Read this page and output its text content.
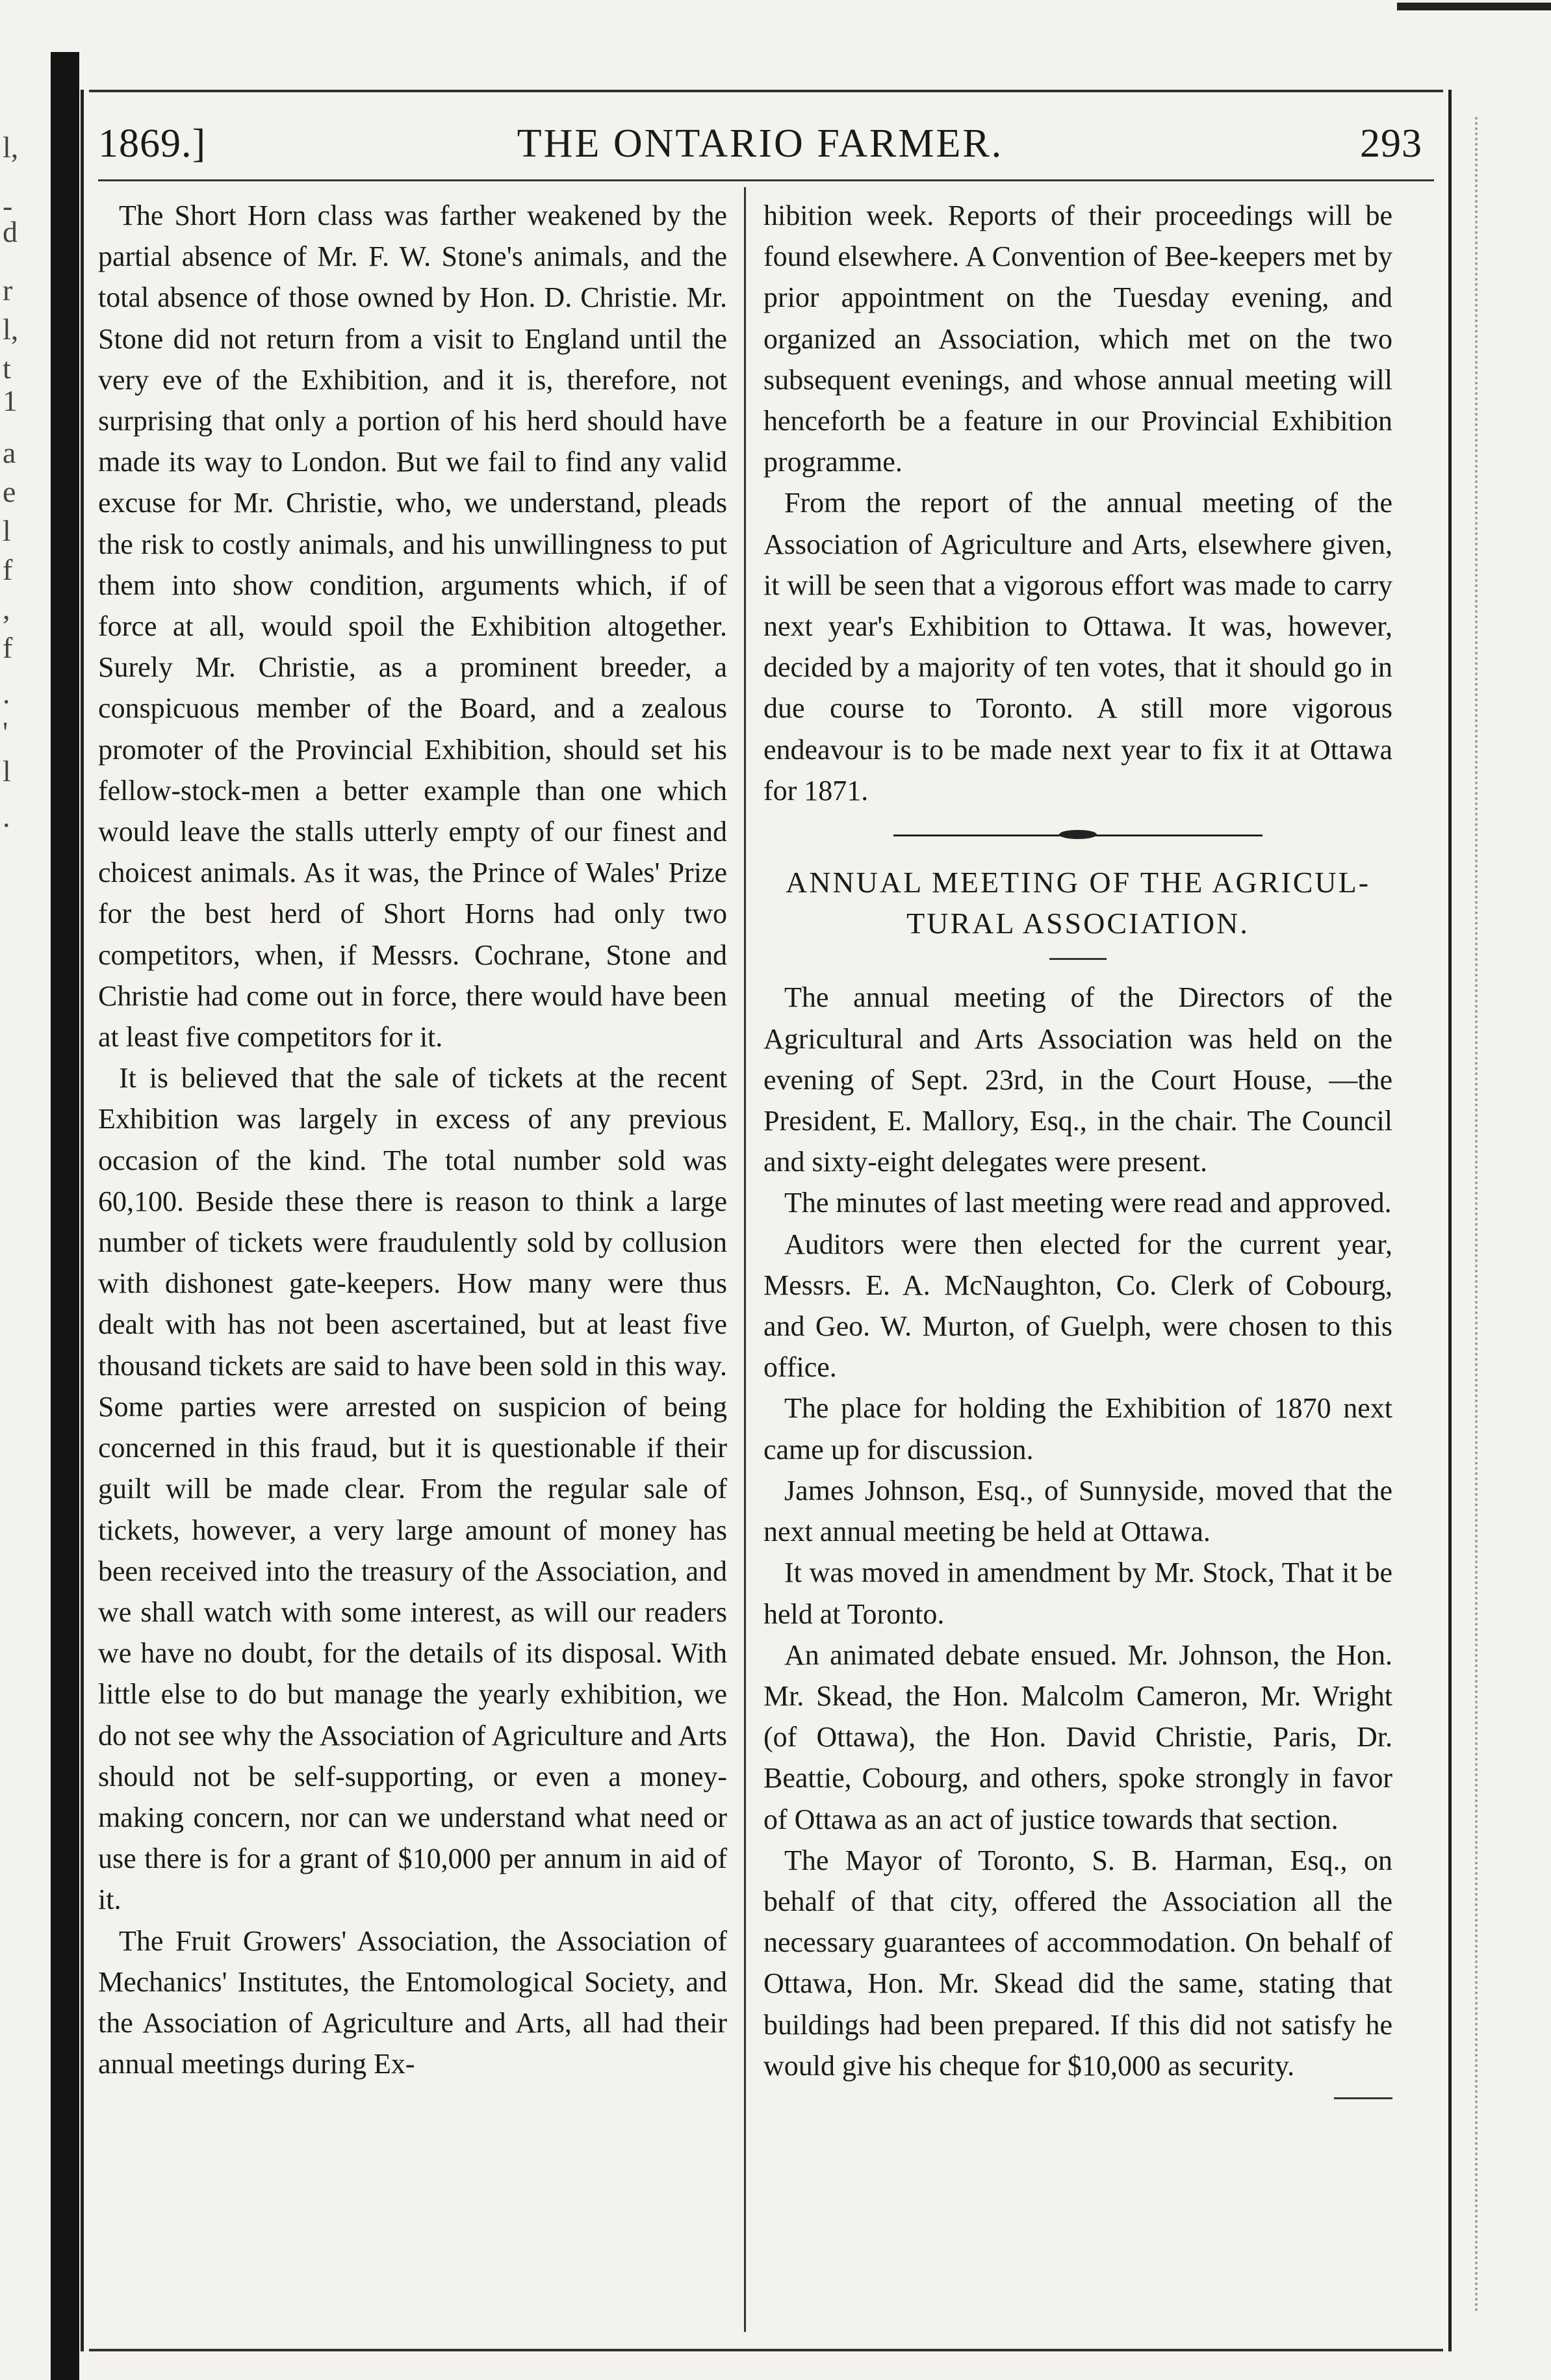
l,
-
d
r
l,
t
1
a
e
l
f
,
f
.
'
l
.
THE ONTARIO FARMER.
1869.]	293

The Short Horn class was farther weakened by the partial absence of Mr. F. W. Stone's animals, and the total absence of those owned by Hon. D. Christie. Mr. Stone did not return from a visit to England until the very eve of the Exhibition, and it is, therefore, not surprising that only a portion of his herd should have made its way to London. But we fail to find any valid excuse for Mr. Christie, who, we understand, pleads the risk to costly animals, and his unwillingness to put them into show condition, arguments which, if of force at all, would spoil the Exhibition altogether. Surely Mr. Christie, as a prominent breeder, a conspicuous member of the Board, and a zealous promoter of the Provincial Exhibition, should set his fellow-stock-men a better example than one which would leave the stalls utterly empty of our finest and choicest animals. As it was, the Prince of Wales' Prize for the best herd of Short Horns had only two competitors, when, if Messrs. Cochrane, Stone and Christie had come out in force, there would have been at least five competitors for it.

It is believed that the sale of tickets at the recent Exhibition was largely in excess of any previous occasion of the kind. The total number sold was 60,100. Beside these there is reason to think a large number of tickets were fraudulently sold by collusion with dishonest gate-keepers. How many were thus dealt with has not been ascertained, but at least five thousand tickets are said to have been sold in this way. Some parties were arrested on suspicion of being concerned in this fraud, but it is questionable if their guilt will be made clear. From the regular sale of tickets, however, a very large amount of money has been received into the treasury of the Association, and we shall watch with some interest, as will our readers we have no doubt, for the details of its disposal. With little else to do but manage the yearly exhibition, we do not see why the Association of Agriculture and Arts should not be self-supporting, or even a money-making concern, nor can we understand what need or use there is for a grant of $10,000 per annum in aid of it.

The Fruit Growers' Association, the Association of Mechanics' Institutes, the Entomological Society, and the Association of Agriculture and Arts, all had their annual meetings during Ex-

hibition week. Reports of their proceedings will be found elsewhere. A Convention of Bee-keepers met by prior appointment on the Tuesday evening, and organized an Association, which met on the two subsequent evenings, and whose annual meeting will henceforth be a feature in our Provincial Exhibition programme.

From the report of the annual meeting of the Association of Agriculture and Arts, elsewhere given, it will be seen that a vigorous effort was made to carry next year's Exhibition to Ottawa. It was, however, decided by a majority of ten votes, that it should go in due course to Toronto. A still more vigorous endeavour is to be made next year to fix it at Ottawa for 1871.

ANNUAL MEETING OF THE AGRICUL-
TURAL ASSOCIATION.

The annual meeting of the Directors of the Agricultural and Arts Association was held on the evening of Sept. 23rd, in the Court House, —the President, E. Mallory, Esq., in the chair. The Council and sixty-eight delegates were present.

The minutes of last meeting were read and approved.

Auditors were then elected for the current year, Messrs. E. A. McNaughton, Co. Clerk of Cobourg, and Geo. W. Murton, of Guelph, were chosen to this office.

The place for holding the Exhibition of 1870 next came up for discussion.

James Johnson, Esq., of Sunnyside, moved that the next annual meeting be held at Ottawa.

It was moved in amendment by Mr. Stock, That it be held at Toronto.

An animated debate ensued. Mr. Johnson, the Hon. Mr. Skead, the Hon. Malcolm Cameron, Mr. Wright (of Ottawa), the Hon. David Christie, Paris, Dr. Beattie, Cobourg, and others, spoke strongly in favor of Ottawa as an act of justice towards that section.

The Mayor of Toronto, S. B. Harman, Esq., on behalf of that city, offered the Association all the necessary guarantees of accommodation. On behalf of Ottawa, Hon. Mr. Skead did the same, stating that buildings had been prepared. If this did not satisfy he would give his cheque for $10,000 as security.
